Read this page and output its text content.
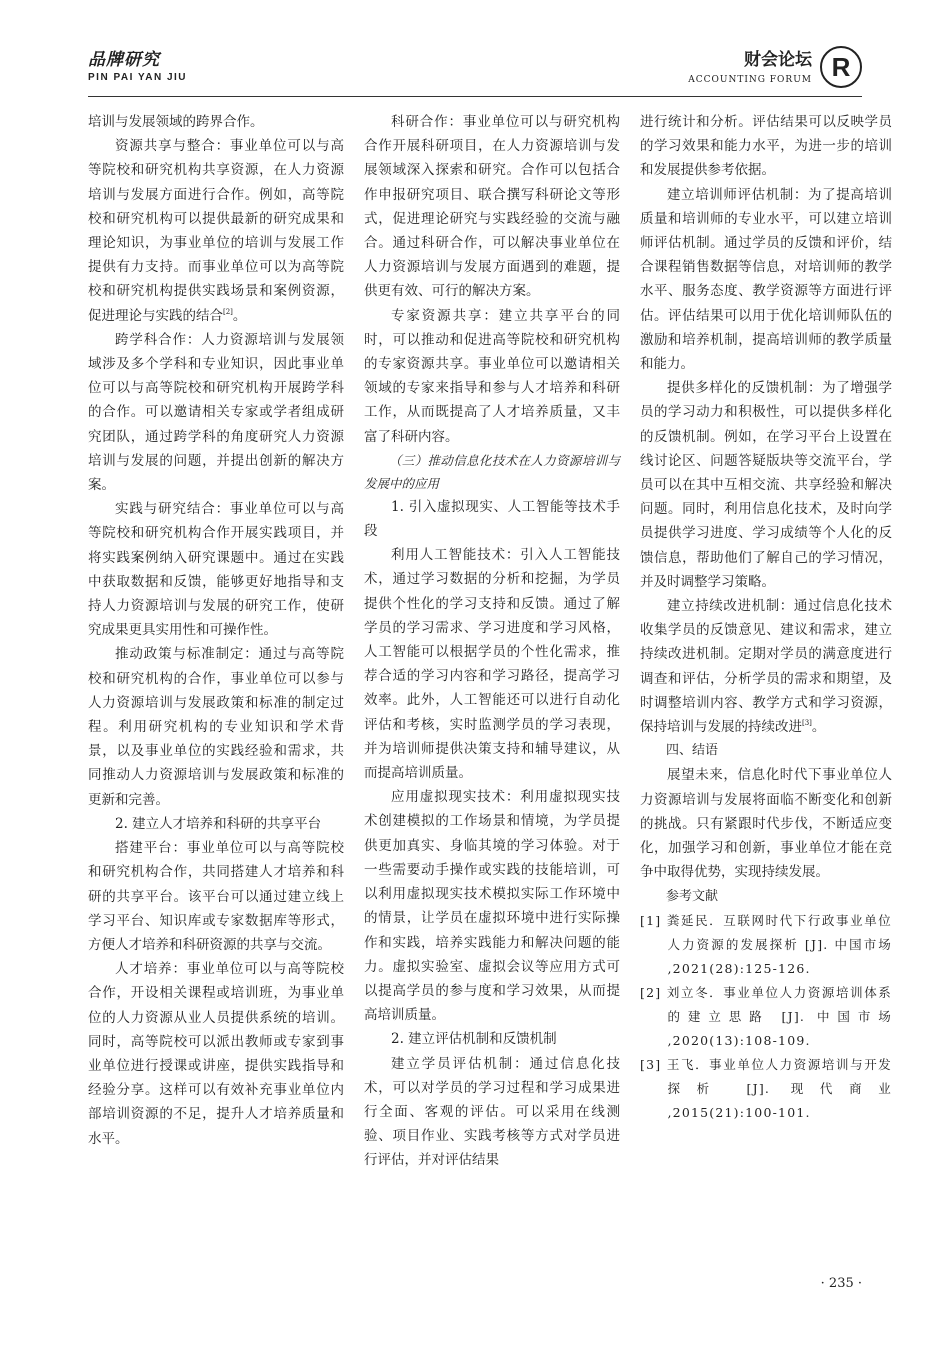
品牌研究
PIN PAI YAN JIU
财会论坛
ACCOUNTING FORUM R

培训与发展领域的跨界合作。

资源共享与整合：事业单位可以与高等院校和研究机构共享资源，在人力资源培训与发展方面进行合作。例如，高等院校和研究机构可以提供最新的研究成果和理论知识，为事业单位的培训与发展工作提供有力支持。而事业单位可以为高等院校和研究机构提供实践场景和案例资源，促进理论与实践的结合[2]。

跨学科合作：人力资源培训与发展领域涉及多个学科和专业知识，因此事业单位可以与高等院校和研究机构开展跨学科的合作。可以邀请相关专家或学者组成研究团队，通过跨学科的角度研究人力资源培训与发展的问题，并提出创新的解决方案。

实践与研究结合：事业单位可以与高等院校和研究机构合作开展实践项目，并将实践案例纳入研究课题中。通过在实践中获取数据和反馈，能够更好地指导和支持人力资源培训与发展的研究工作，使研究成果更具实用性和可操作性。

推动政策与标准制定：通过与高等院校和研究机构的合作，事业单位可以参与人力资源培训与发展政策和标准的制定过程。利用研究机构的专业知识和学术背景，以及事业单位的实践经验和需求，共同推动人力资源培训与发展政策和标准的更新和完善。

2. 建立人才培养和科研的共享平台

搭建平台：事业单位可以与高等院校和研究机构合作，共同搭建人才培养和科研的共享平台。该平台可以通过建立线上学习平台、知识库或专家数据库等形式，方便人才培养和科研资源的共享与交流。

人才培养：事业单位可以与高等院校合作，开设相关课程或培训班，为事业单位的人力资源从业人员提供系统的培训。同时，高等院校可以派出教师或专家到事业单位进行授课或讲座，提供实践指导和经验分享。这样可以有效补充事业单位内部培训资源的不足，提升人才培养质量和水平。

科研合作：事业单位可以与研究机构合作开展科研项目，在人力资源培训与发展领域深入探索和研究。合作可以包括合作申报研究项目、联合撰写科研论文等形式，促进理论研究与实践经验的交流与融合。通过科研合作，可以解决事业单位在人力资源培训与发展方面遇到的难题，提供更有效、可行的解决方案。

专家资源共享：建立共享平台的同时，可以推动和促进高等院校和研究机构的专家资源共享。事业单位可以邀请相关领域的专家来指导和参与人才培养和科研工作，从而既提高了人才培养质量，又丰富了科研内容。

（三）推动信息化技术在人力资源培训与发展中的应用

1. 引入虚拟现实、人工智能等技术手段

利用人工智能技术：引入人工智能技术，通过学习数据的分析和挖掘，为学员提供个性化的学习支持和反馈。通过了解学员的学习需求、学习进度和学习风格，人工智能可以根据学员的个性化需求，推荐合适的学习内容和学习路径，提高学习效率。此外，人工智能还可以进行自动化评估和考核，实时监测学员的学习表现，并为培训师提供决策支持和辅导建议，从而提高培训质量。

应用虚拟现实技术：利用虚拟现实技术创建模拟的工作场景和情境，为学员提供更加真实、身临其境的学习体验。对于一些需要动手操作或实践的技能培训，可以利用虚拟现实技术模拟实际工作环境中的情景，让学员在虚拟环境中进行实际操作和实践，培养实践能力和解决问题的能力。虚拟实验室、虚拟会议等应用方式可以提高学员的参与度和学习效果，从而提高培训质量。

2. 建立评估机制和反馈机制

建立学员评估机制：通过信息化技术，可以对学员的学习过程和学习成果进行全面、客观的评估。可以采用在线测验、项目作业、实践考核等方式对学员进行评估，并对评估结果

进行统计和分析。评估结果可以反映学员的学习效果和能力水平，为进一步的培训和发展提供参考依据。

建立培训师评估机制：为了提高培训质量和培训师的专业水平，可以建立培训师评估机制。通过学员的反馈和评价，结合课程销售数据等信息，对培训师的教学水平、服务态度、教学资源等方面进行评估。评估结果可以用于优化培训师队伍的激励和培养机制，提高培训师的教学质量和能力。

提供多样化的反馈机制：为了增强学员的学习动力和积极性，可以提供多样化的反馈机制。例如，在学习平台上设置在线讨论区、问题答疑版块等交流平台，学员可以在其中互相交流、共享经验和解决问题。同时，利用信息化技术，及时向学员提供学习进度、学习成绩等个人化的反馈信息，帮助他们了解自己的学习情况，并及时调整学习策略。

建立持续改进机制：通过信息化技术收集学员的反馈意见、建议和需求，建立持续改进机制。定期对学员的满意度进行调查和评估，分析学员的需求和期望，及时调整培训内容、教学方式和学习资源，保持培训与发展的持续改进[3]。

四、结语

展望未来，信息化时代下事业单位人力资源培训与发展将面临不断变化和创新的挑战。只有紧跟时代步伐，不断适应变化，加强学习和创新，事业单位才能在竞争中取得优势，实现持续发展。

参考文献

[1] 粪延民．互联网时代下行政事业单位人力资源的发展探析 [J]. 中国市场 ,2021(28):125-126.

[2] 刘立冬．事业单位人力资源培训体系的建立思路 [J]. 中国市场 ,2020(13):108-109.

[3] 王飞．事业单位人力资源培训与开发探析 [J]. 现代商业 ,2015(21):100-101.

· 235 ·
